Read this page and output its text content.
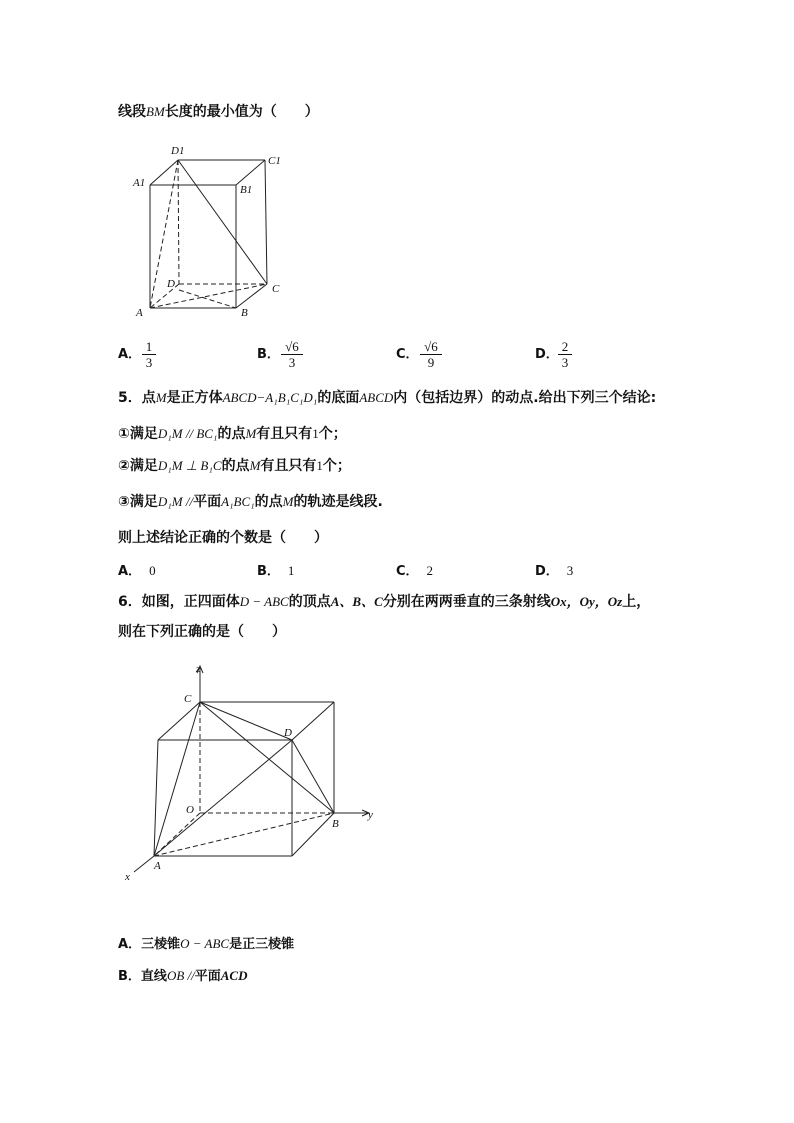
线段BM长度的最小值为（　　）
D1
C1
A1
B1
D	C
A	B
A．
1
3
B．
√6
3
C．
√6
9
D．
2
3
5．点M是正方体ABCD−A₁B₁C₁D₁的底面ABCD内（包括边界）的动点.给出下列三个结论:
①满足D₁M // BC₁的点M有且只有1个；
②满足D₁M ⊥ B₁C的点M有且只有1个；
③满足D₁M //平面A₁BC₁的点M的轨迹是线段.
则上述结论正确的个数是（　　）
A． 0	B． 1	C． 2	D． 3
6．如图，正四面体D − ABC的顶点A、B、C分别在两两垂直的三条射线Ox，Oy，Oz上，
则在下列正确的是（　　）
z
C
D
O
B
y
A
x
A．三棱锥O − ABC是正三棱锥
B．直线OB //平面ACD
